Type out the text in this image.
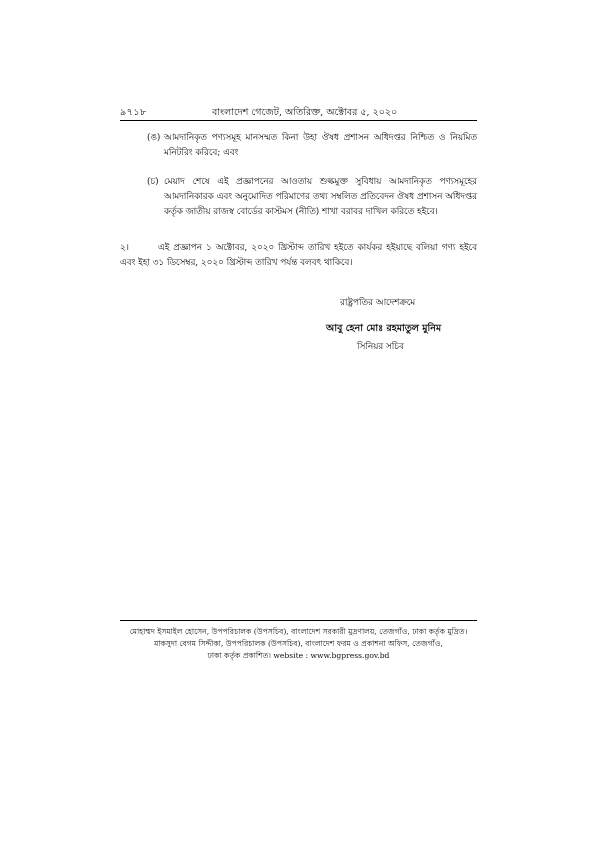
৯৭১৮	বাংলাদেশ গেজেট, অতিরিক্ত, অক্টোবর ৫, ২০২০
(ঙ) আমদানিকৃত পণ্যসমূহ মানসম্মত কিনা উহা ঔষধ প্রশাসন অধিদপ্তর নিশ্চিত ও নিয়মিত মনিটরিং করিবে; এবং
(চ) মেয়াদ শেষে এই প্রজ্ঞাপনের আওতায় শুল্কমুক্ত সুবিধায় আমদানিকৃত পণ্যসমূহের আমদানিকারক এবং অনুমোদিত পরিমাণের তথ্য সম্বলিত প্রতিবেদন ঔষধ প্রশাসন অধিদপ্তর কর্তৃক জাতীয় রাজস্ব বোর্ডের কাস্টমস (নীতি) শাখা বরাবর দাখিল করিতে হইবে।
২।	এই প্রজ্ঞাপন ১ অক্টোবর, ২০২০ খ্রিস্টাব্দ তারিখ হইতে কার্যকর হইয়াছে বলিয়া গণ্য হইবে এবং ইহা ৩১ ডিসেম্বর, ২০২০ খ্রিস্টাব্দ তারিখ পর্যন্ত বলবৎ থাকিবে।
রাষ্ট্রপতির আদেশক্রমে
আবু হেনা মোঃ রহমাতুল মুনিম
সিনিয়র সচিব
মোহাম্মদ ইসমাইল হোসেন, উপপরিচালক (উপসচিব), বাংলাদেশ সরকারী মুদ্রণালয়, তেজগাঁও, ঢাকা কর্তৃক মুদ্রিত।
মাকসুদা বেগম সিদ্দীকা, উপপরিচালক (উপসচিব), বাংলাদেশ ফরম ও প্রকাশনা অফিস, তেজগাঁও,
ঢাকা কর্তৃক প্রকাশিত। website : www.bgpress.gov.bd
